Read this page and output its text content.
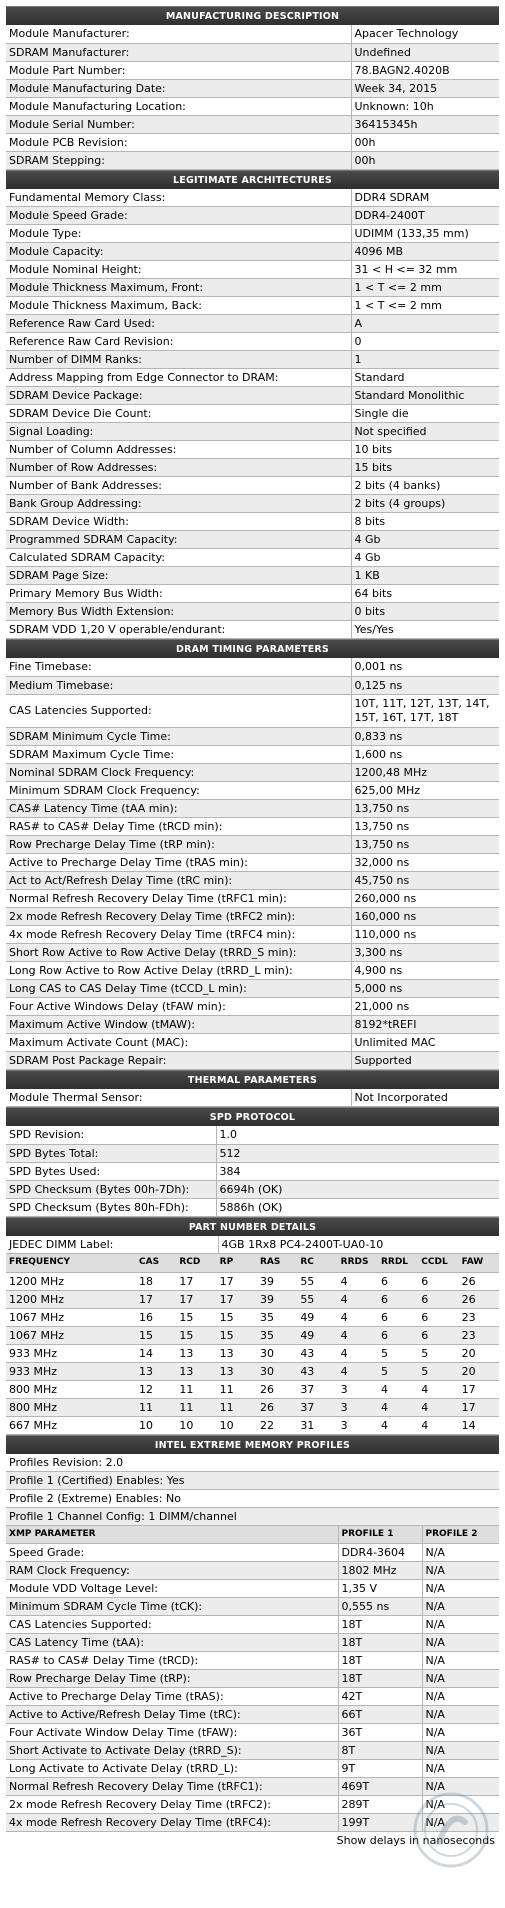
MANUFACTURING DESCRIPTION
Module Manufacturer:	Apacer Technology
SDRAM Manufacturer:	Undefined
Module Part Number:	78.BAGN2.4020B
Module Manufacturing Date:	Week 34, 2015
Module Manufacturing Location:	Unknown: 10h
Module Serial Number:	36415345h
Module PCB Revision:	00h
SDRAM Stepping:	00h
LEGITIMATE ARCHITECTURES
Fundamental Memory Class:	DDR4 SDRAM
Module Speed Grade:	DDR4-2400T
Module Type:	UDIMM (133,35 mm)
Module Capacity:	4096 MB
Module Nominal Height:	31 < H <= 32 mm
Module Thickness Maximum, Front:	1 < T <= 2 mm
Module Thickness Maximum, Back:	1 < T <= 2 mm
Reference Raw Card Used:	A
Reference Raw Card Revision:	0
Number of DIMM Ranks:	1
Address Mapping from Edge Connector to DRAM:	Standard
SDRAM Device Package:	Standard Monolithic
SDRAM Device Die Count:	Single die
Signal Loading:	Not specified
Number of Column Addresses:	10 bits
Number of Row Addresses:	15 bits
Number of Bank Addresses:	2 bits (4 banks)
Bank Group Addressing:	2 bits (4 groups)
SDRAM Device Width:	8 bits
Programmed SDRAM Capacity:	4 Gb
Calculated SDRAM Capacity:	4 Gb
SDRAM Page Size:	1 KB
Primary Memory Bus Width:	64 bits
Memory Bus Width Extension:	0 bits
SDRAM VDD 1,20 V operable/endurant:	Yes/Yes
DRAM TIMING PARAMETERS
Fine Timebase:	0,001 ns
Medium Timebase:	0,125 ns
CAS Latencies Supported:	10T, 11T, 12T, 13T, 14T, 15T, 16T, 17T, 18T
SDRAM Minimum Cycle Time:	0,833 ns
SDRAM Maximum Cycle Time:	1,600 ns
Nominal SDRAM Clock Frequency:	1200,48 MHz
Minimum SDRAM Clock Frequency:	625,00 MHz
CAS# Latency Time (tAA min):	13,750 ns
RAS# to CAS# Delay Time (tRCD min):	13,750 ns
Row Precharge Delay Time (tRP min):	13,750 ns
Active to Precharge Delay Time (tRAS min):	32,000 ns
Act to Act/Refresh Delay Time (tRC min):	45,750 ns
Normal Refresh Recovery Delay Time (tRFC1 min):	260,000 ns
2x mode Refresh Recovery Delay Time (tRFC2 min):	160,000 ns
4x mode Refresh Recovery Delay Time (tRFC4 min):	110,000 ns
Short Row Active to Row Active Delay (tRRD_S min):	3,300 ns
Long Row Active to Row Active Delay (tRRD_L min):	4,900 ns
Long CAS to CAS Delay Time (tCCD_L min):	5,000 ns
Four Active Windows Delay (tFAW min):	21,000 ns
Maximum Active Window (tMAW):	8192*tREFI
Maximum Activate Count (MAC):	Unlimited MAC
SDRAM Post Package Repair:	Supported
THERMAL PARAMETERS
Module Thermal Sensor:	Not Incorporated
SPD PROTOCOL
SPD Revision:	1.0
SPD Bytes Total:	512
SPD Bytes Used:	384
SPD Checksum (Bytes 00h-7Dh):	6694h (OK)
SPD Checksum (Bytes 80h-FDh):	5886h (OK)
PART NUMBER DETAILS
JEDEC DIMM Label:	4GB 1Rx8 PC4-2400T-UA0-10
FREQUENCY	CAS	RCD	RP	RAS	RC	RRDS	RRDL	CCDL	FAW
1200 MHz	18	17	17	39	55	4	6	6	26
1200 MHz	17	17	17	39	55	4	6	6	26
1067 MHz	16	15	15	35	49	4	6	6	23
1067 MHz	15	15	15	35	49	4	6	6	23
933 MHz	14	13	13	30	43	4	5	5	20
933 MHz	13	13	13	30	43	4	5	5	20
800 MHz	12	11	11	26	37	3	4	4	17
800 MHz	11	11	11	26	37	3	4	4	17
667 MHz	10	10	10	22	31	3	4	4	14
INTEL EXTREME MEMORY PROFILES
Profiles Revision: 2.0
Profile 1 (Certified) Enables: Yes
Profile 2 (Extreme) Enables: No
Profile 1 Channel Config: 1 DIMM/channel
XMP PARAMETER	PROFILE 1	PROFILE 2
Speed Grade:	DDR4-3604	N/A
RAM Clock Frequency:	1802 MHz	N/A
Module VDD Voltage Level:	1,35 V	N/A
Minimum SDRAM Cycle Time (tCK):	0,555 ns	N/A
CAS Latencies Supported:	18T	N/A
CAS Latency Time (tAA):	18T	N/A
RAS# to CAS# Delay Time (tRCD):	18T	N/A
Row Precharge Delay Time (tRP):	18T	N/A
Active to Precharge Delay Time (tRAS):	42T	N/A
Active to Active/Refresh Delay Time (tRC):	66T	N/A
Four Activate Window Delay Time (tFAW):	36T	N/A
Short Activate to Activate Delay (tRRD_S):	8T	N/A
Long Activate to Activate Delay (tRRD_L):	9T	N/A
Normal Refresh Recovery Delay Time (tRFC1):	469T	N/A
2x mode Refresh Recovery Delay Time (tRFC2):	289T	N/A
4x mode Refresh Recovery Delay Time (tRFC4):	199T	N/A
Show delays in nanoseconds
